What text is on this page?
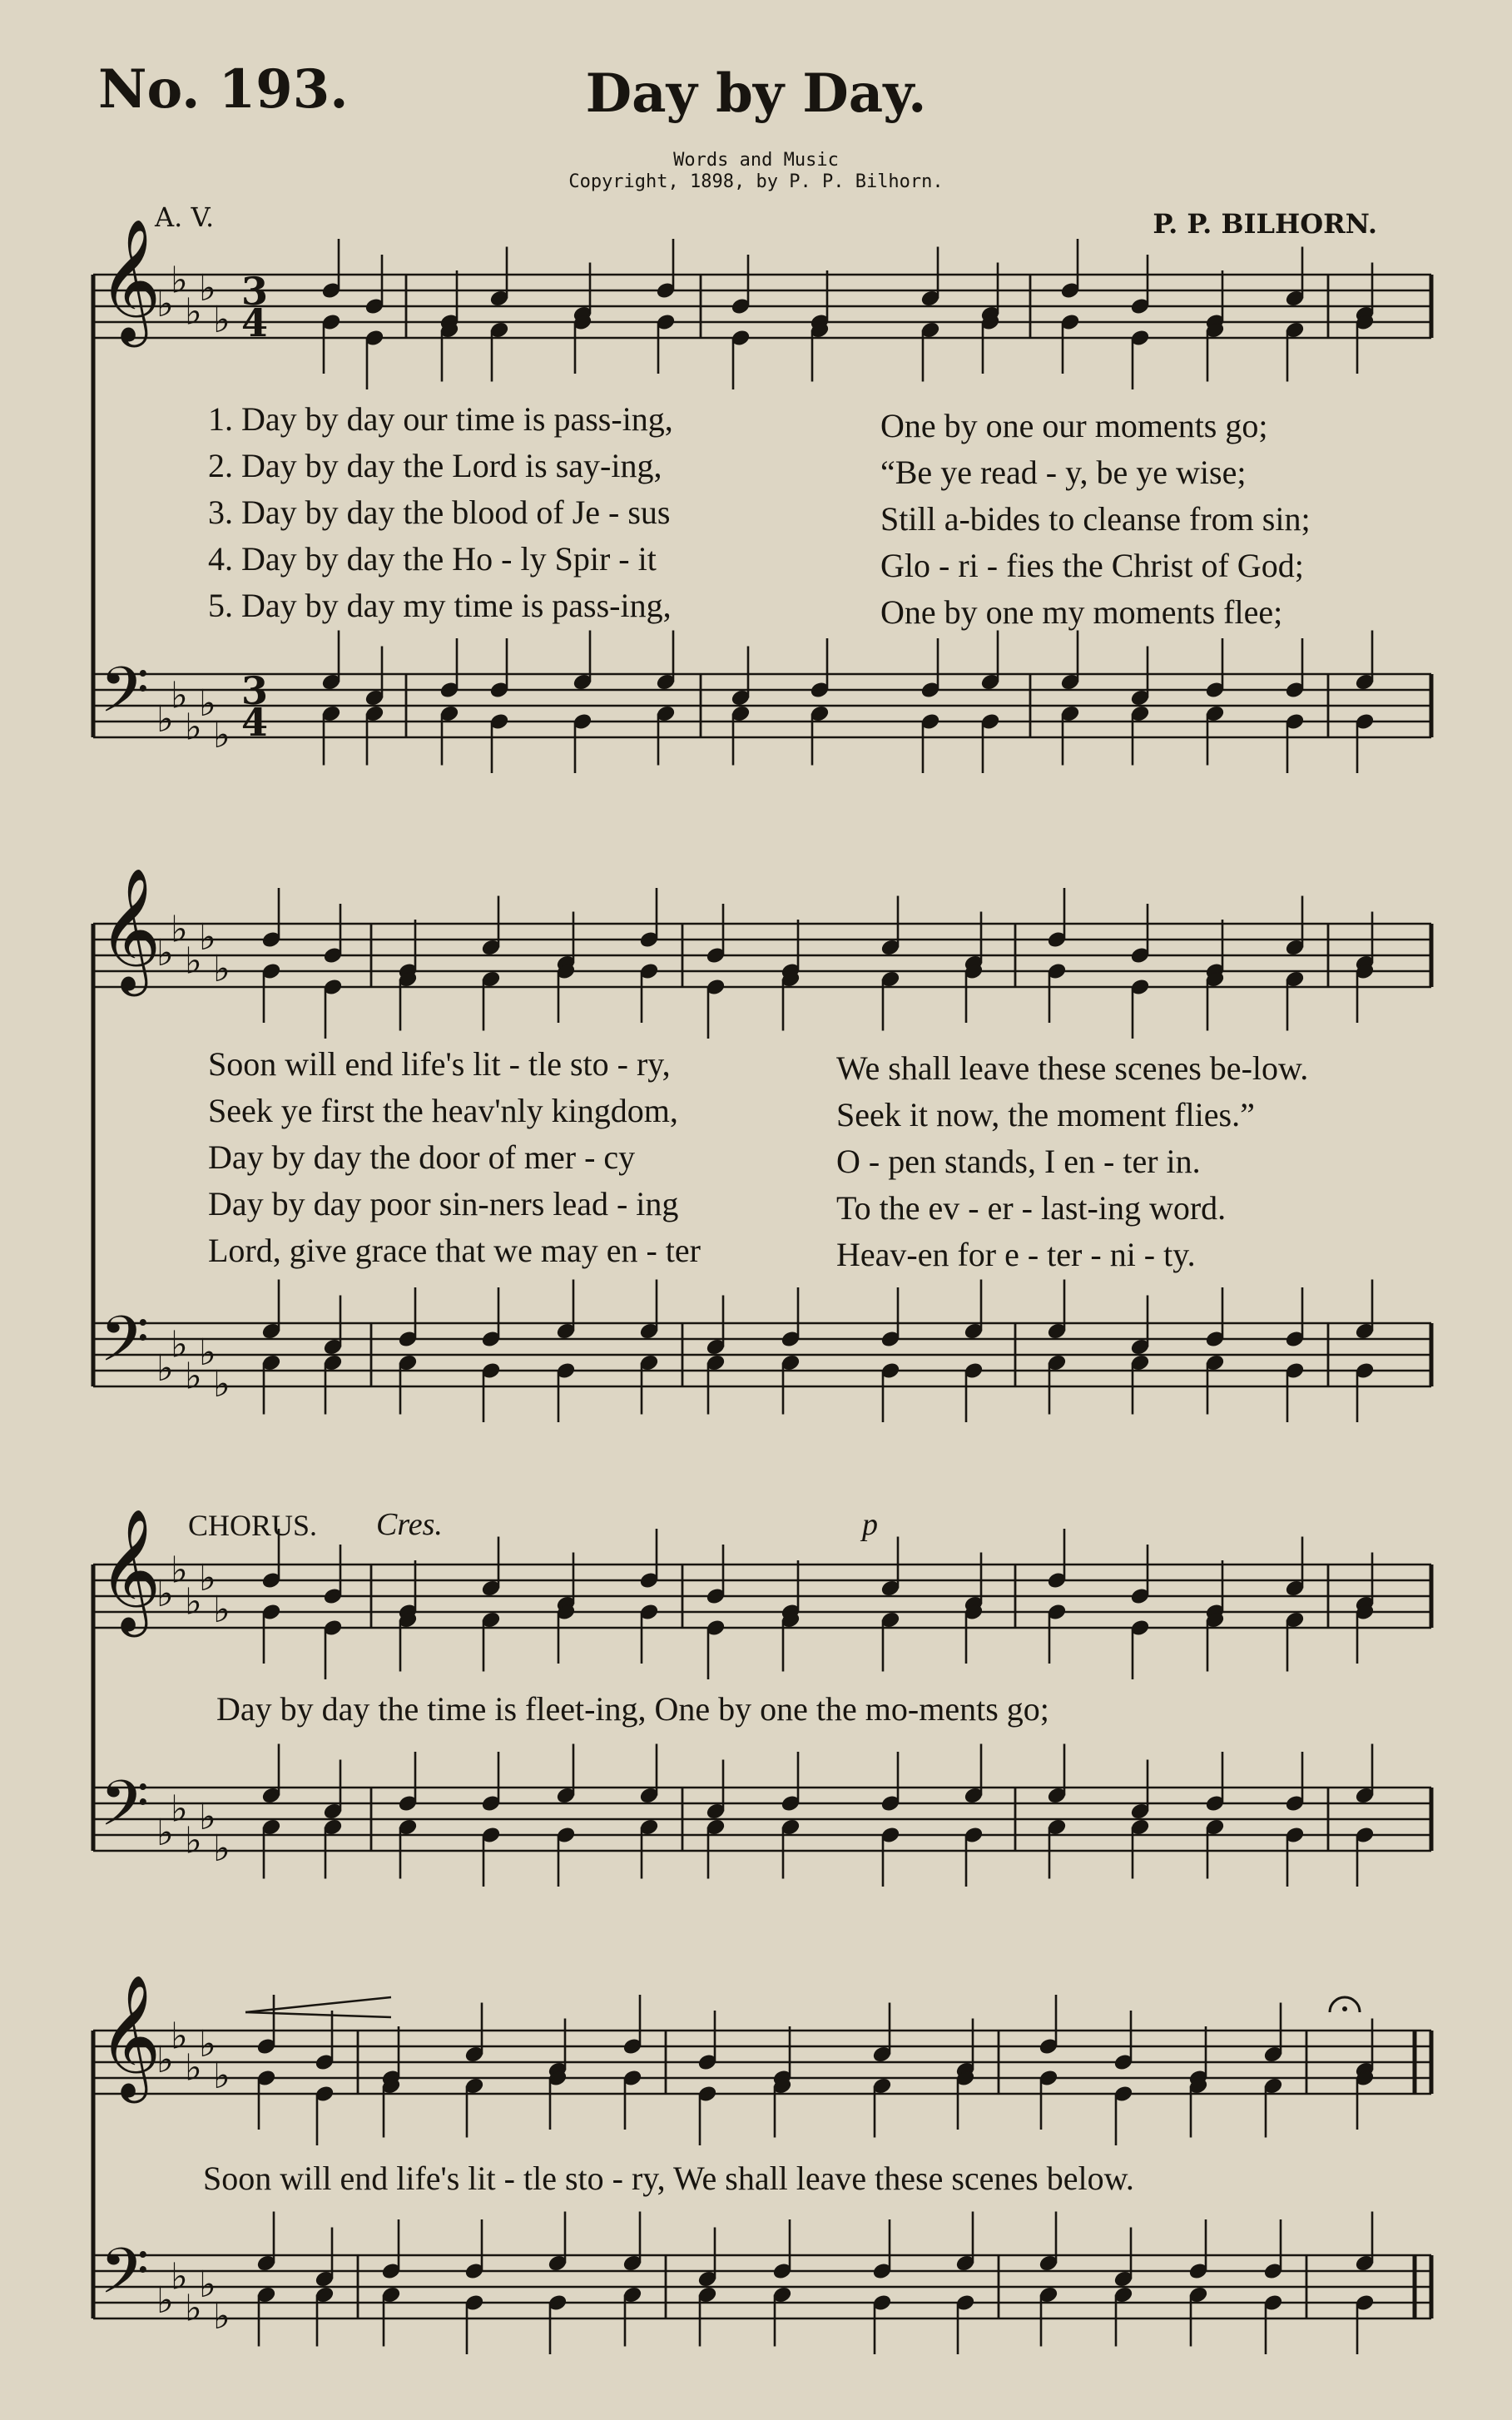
No. 193.	Day by Day.
Words and Music
Copyright, 1898, by P. P. Bilhorn.
A. V.	P. P. BILHORN.
𝄞
𝄢
♭
♭
♭
♭
♭
♭
♭
♭
♭
♭
3
4
3
4
𝄞
𝄢
♭
♭
♭
♭
♭
♭
♭
♭
♭
♭
𝄞
𝄢
♭
♭
♭
♭
♭
♭
♭
♭
♭
♭
𝄞
𝄢
♭
♭
♭
♭
♭
♭
♭
♭
♭
♭
1. Day by day our time is pass-ing,	One by one our moments go;
2. Day by day the Lord is say-ing,	“Be ye read - y, be ye wise;
3. Day by day the blood of Je - sus	Still a-bides to cleanse from sin;
4. Day by day the Ho - ly Spir - it	Glo - ri - fies the Christ of God;
5. Day by day my time is pass-ing,	One by one my moments flee;
Soon will end life's lit - tle sto - ry,	We shall leave these scenes be-low.
Seek ye first the heav'nly kingdom,	Seek it now, the moment flies.”
Day by day the door of mer - cy	O - pen stands, I en - ter in.
Day by day poor sin-ners lead - ing	To the ev - er - last-ing word.
Lord, give grace that we may en - ter	Heav-en for e - ter - ni - ty.
CHORUS. Cres.	p
Day by day the time is fleet-ing, One by one the mo-ments go;
Soon will end life's lit - tle sto - ry, We shall leave these scenes below.
